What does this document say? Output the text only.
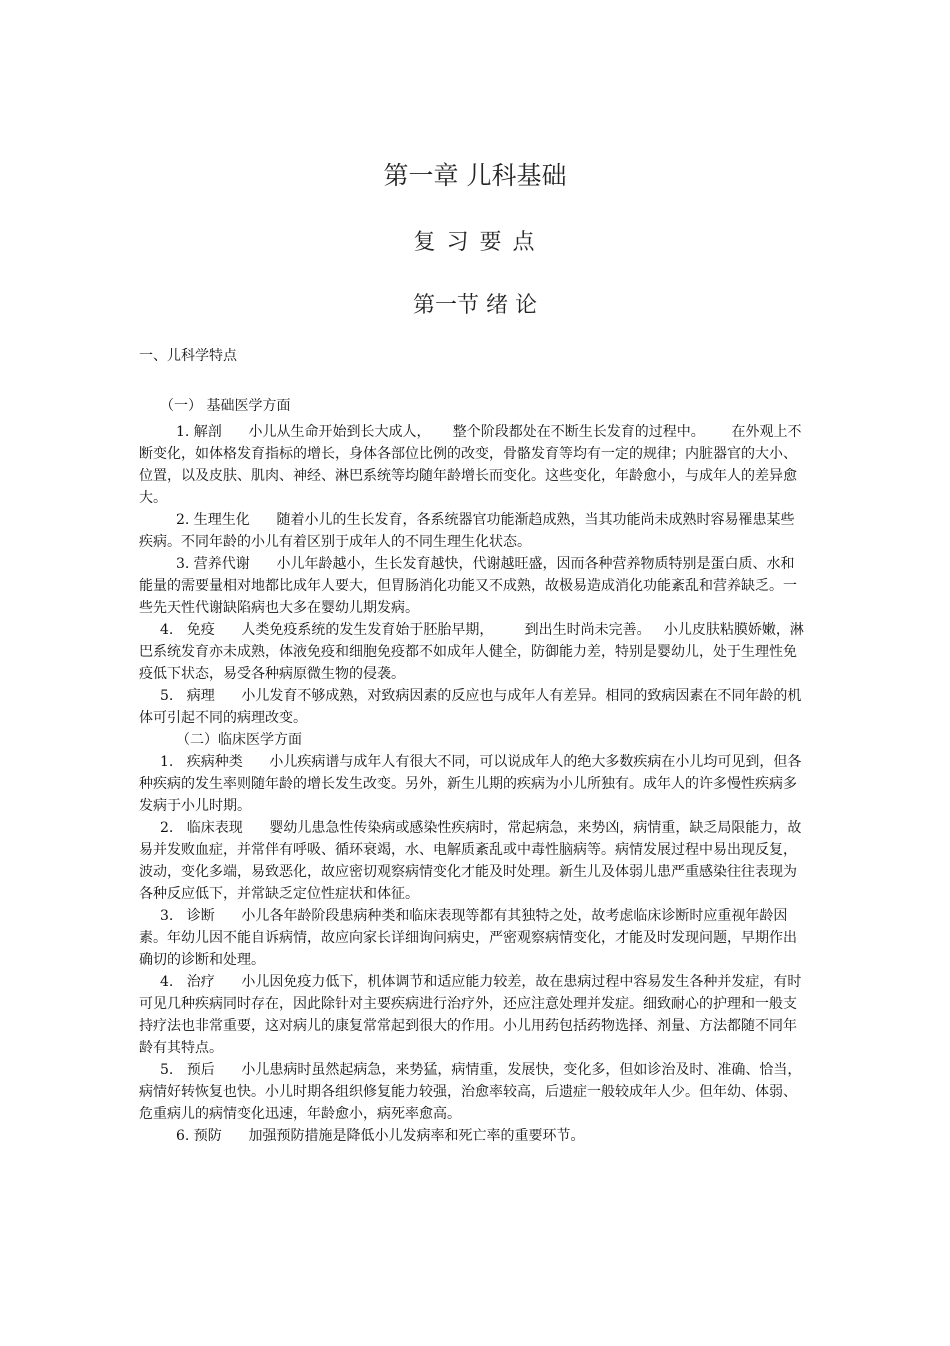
第一章 儿科基础
复 习 要 点
第一节 绪 论
一、儿科学特点
（一） 基础医学方面

1. 解剖 小儿从生命开始到长大成人，     整个阶段都处在不断生长发育的过程中。      在外观上不断变化，如体格发育指标的增长，身体各部位比例的改变，骨骼发育等均有一定的规律；内脏器官的大小、位置，以及皮肤、肌肉、神经、淋巴系统等均随年龄增长而变化。这些变化，年龄愈小，与成年人的差异愈大。

2. 生理生化 随着小儿的生长发育，各系统器官功能渐趋成熟，当其功能尚未成熟时容易罹患某些疾病。不同年龄的小儿有着区别于成年人的不同生理生化状态。

3. 营养代谢 小儿年龄越小，生长发育越快，代谢越旺盛，因而各种营养物质特别是蛋白质、水和能量的需要量相对地都比成年人要大，但胃肠消化功能又不成熟，故极易造成消化功能紊乱和营养缺乏。一些先天性代谢缺陷病也大多在婴幼儿期发病。

4.   免疫 人类免疫系统的发生发育始于胚胎早期，       到出生时尚未完善。   小儿皮肤粘膜娇嫩，淋巴系统发育亦未成熟，体液免疫和细胞免疫都不如成年人健全，防御能力差，特别是婴幼儿，处于生理性免疫低下状态，易受各种病原微生物的侵袭。

5.   病理 小儿发育不够成熟，对致病因素的反应也与成年人有差异。相同的致病因素在不同年龄的机体可引起不同的病理改变。

（二）临床医学方面

1.   疾病种类 小儿疾病谱与成年人有很大不同，可以说成年人的绝大多数疾病在小儿均可见到，但各种疾病的发生率则随年龄的增长发生改变。另外，新生儿期的疾病为小儿所独有。成年人的许多慢性疾病多发病于小儿时期。

2.   临床表现 婴幼儿患急性传染病或感染性疾病时，常起病急，来势凶，病情重，缺乏局限能力，故易并发败血症，并常伴有呼吸、循环衰竭，水、电解质紊乱或中毒性脑病等。病情发展过程中易出现反复，波动，变化多端，易致恶化，故应密切观察病情变化才能及时处理。新生儿及体弱儿患严重感染往往表现为各种反应低下，并常缺乏定位性症状和体征。

3.   诊断 小儿各年龄阶段患病种类和临床表现等都有其独特之处，故考虑临床诊断时应重视年龄因素。年幼儿因不能自诉病情，故应向家长详细询问病史，严密观察病情变化，才能及时发现问题，早期作出确切的诊断和处理。

4.   治疗 小儿因免疫力低下，机体调节和适应能力较差，故在患病过程中容易发生各种并发症，有时可见几种疾病同时存在，因此除针对主要疾病进行治疗外，还应注意处理并发症。细致耐心的护理和一般支持疗法也非常重要，这对病儿的康复常常起到很大的作用。小儿用药包括药物选择、剂量、方法都随不同年龄有其特点。

5.   预后 小儿患病时虽然起病急，来势猛，病情重，发展快，变化多，但如诊治及时、准确、恰当，病情好转恢复也快。小儿时期各组织修复能力较强，治愈率较高，后遗症一般较成年人少。但年幼、体弱、危重病儿的病情变化迅速，年龄愈小，病死率愈高。

6. 预防 加强预防措施是降低小儿发病率和死亡率的重要环节。
